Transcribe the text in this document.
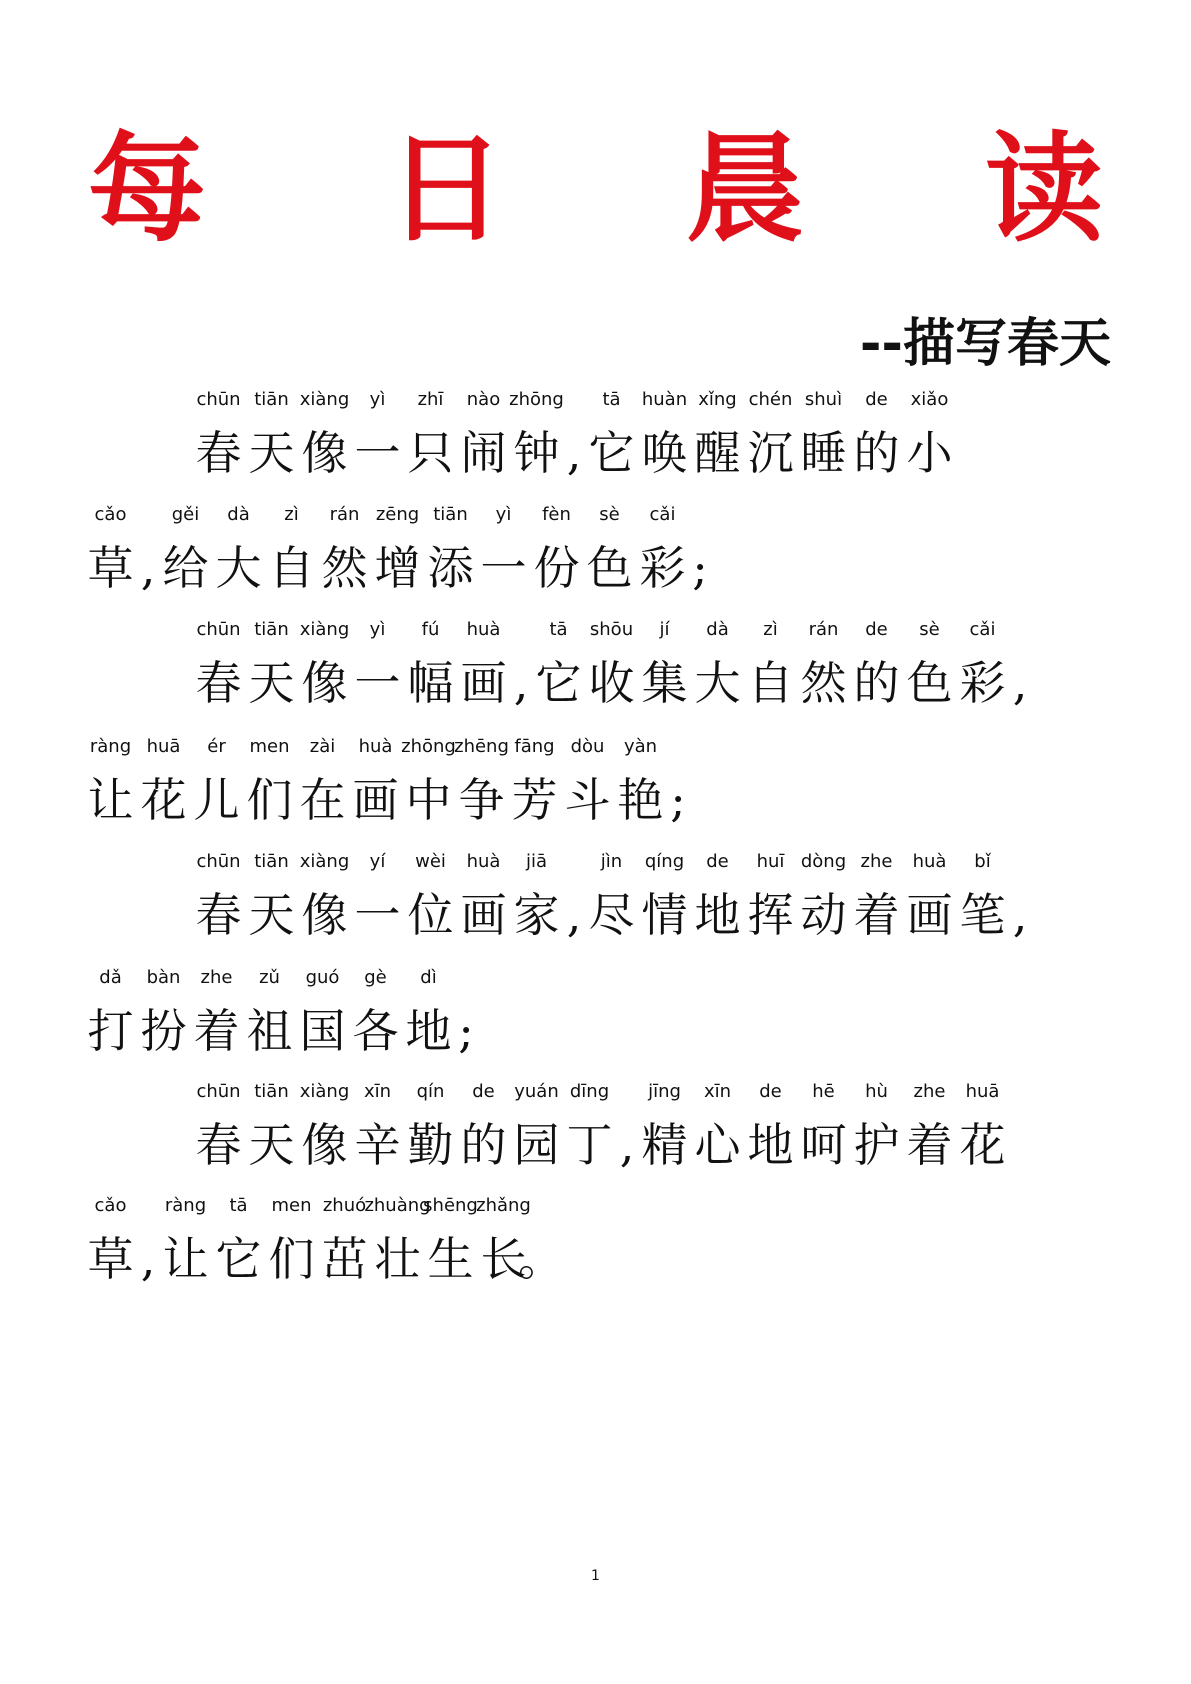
每 日 晨 读
--描写春天
chūn
春
tiān
天
xiàng
像
yì
一
zhī
只
nào
闹
zhōng
钟 ,
tā
它
huàn
唤
xǐng
醒
chén
沉
shuì
睡
de
的
xiǎo
小
cǎo
草 ,
gěi
给
dà
大
zì
自
rán
然
zēng
增
tiān
添
yì
一
fèn
份
sè
色
cǎi
彩 ;
chūn
春
tiān
天
xiàng
像
yì
一
fú
幅
huà
画 ,
tā
它
shōu
收
jí
集
dà
大
zì
自
rán
然
de
的
sè
色
cǎi
彩 ,
ràng
让
huā
花
ér
儿
men
们
zài
在
huà
画
zhōng
中
zhēng
争
fāng
芳
dòu
斗
yàn
艳 ;
chūn
春
tiān
天
xiàng
像
yí
一
wèi
位
huà
画
jiā
家 ,
jìn
尽
qíng
情
de
地
huī
挥
dòng
动
zhe
着
huà
画
bǐ
笔 ,
dǎ
打
bàn
扮
zhe
着
zǔ
祖
guó
国
gè
各
dì
地 ;
chūn
春
tiān
天
xiàng
像
xīn
辛
qín
勤
de
的
yuán
园
dīng
丁 ,
jīng
精
xīn
心
de
地
hē
呵
hù
护
zhe
着
huā
花
cǎo
草 ,
ràng
让
tā
它
men
们
zhuó
茁
zhuàng
壮
shēng
生
zhǎng
长
。
1
